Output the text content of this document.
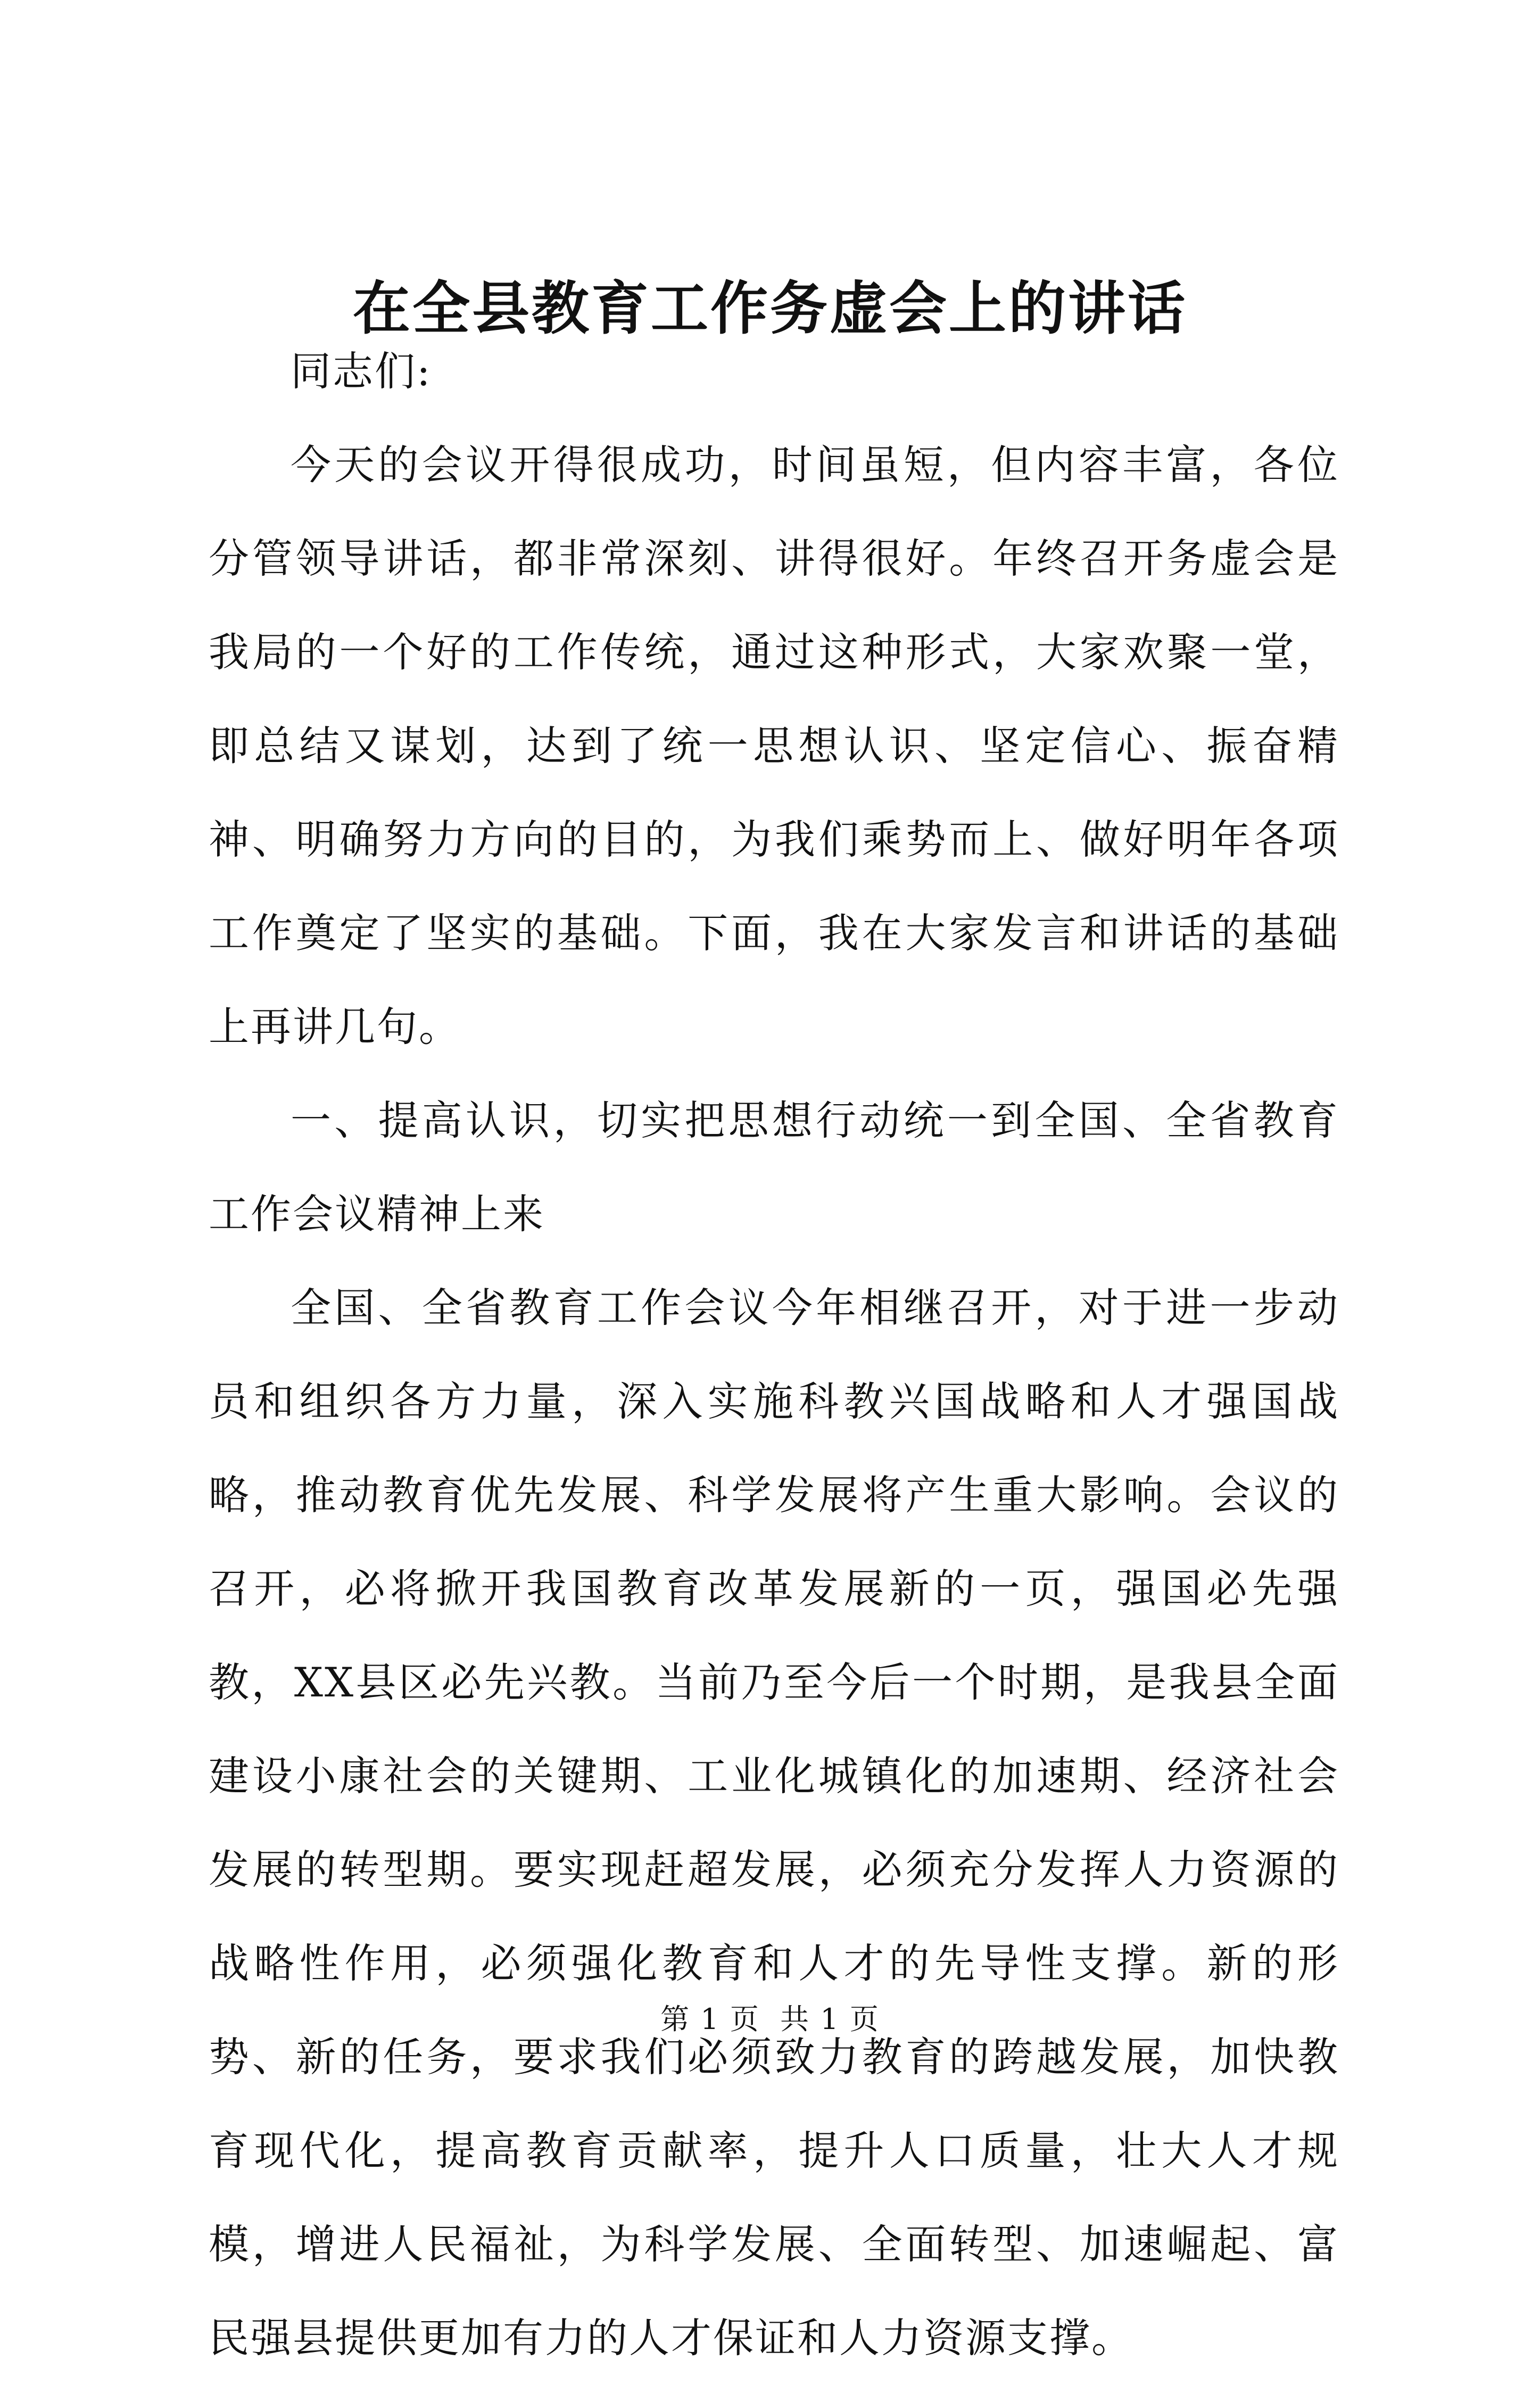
在全县教育工作务虚会上的讲话

同志们:

今天的会议开得很成功，时间虽短，但内容丰富，各位分管领导讲话，都非常深刻、讲得很好。年终召开务虚会是我局的一个好的工作传统，通过这种形式，大家欢聚一堂，即总结又谋划，达到了统一思想认识、坚定信心、振奋精神、明确努力方向的目的，为我们乘势而上、做好明年各项工作奠定了坚实的基础。下面，我在大家发言和讲话的基础上再讲几句。

一、提高认识，切实把思想行动统一到全国、全省教育工作会议精神上来

全国、全省教育工作会议今年相继召开，对于进一步动员和组织各方力量，深入实施科教兴国战略和人才强国战略，推动教育优先发展、科学发展将产生重大影响。会议的召开，必将掀开我国教育改革发展新的一页，强国必先强教，XX县区必先兴教。当前乃至今后一个时期，是我县全面建设小康社会的关键期、工业化城镇化的加速期、经济社会发展的转型期。要实现赶超发展，必须充分发挥人力资源的战略性作用，必须强化教育和人才的先导性支撑。新的形势、新的任务，要求我们必须致力教育的跨越发展，加快教育现代化，提高教育贡献率，提升人口质量，壮大人才规模，增进人民福祉，为科学发展、全面转型、加速崛起、富民强县提供更加有力的人才保证和人力资源支撑。

第 1 页  共 1 页
